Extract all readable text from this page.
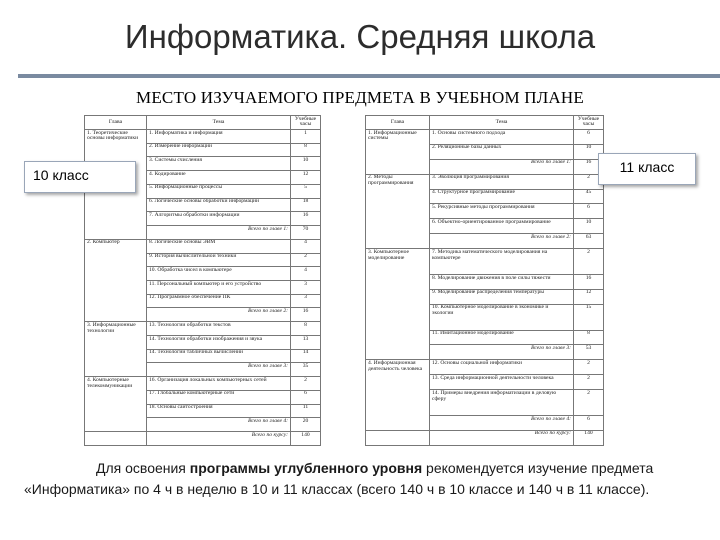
Информатика. Средняя школа
МЕСТО ИЗУЧАЕМОГО ПРЕДМЕТА В УЧЕБНОМ ПЛАНЕ
Глава	Тема	Учебные часы
1. Теоретические основы информатики	1. Информатика и информация	1
	2. Измерение информации	8
	3. Системы счисления	10
	4. Кодирование	12
	5. Информационные процессы	5
	6. Логические основы обработки информации	18
	7. Алгоритмы обработки информации	16
	Всего по главе 1:	70
2. Компьютер	8. Логические основы ЭВМ	4
	9. История вычислительной техники	2
	10. Обработка чисел в компьютере	4
	11. Персональный компьютер и его устройство	3
	12. Программное обеспечение ПК	3
	Всего по главе 2:	16
3. Информационные технологии	13. Технологии обработки текстов	8
	14. Технологии обработки изображения и звука	13
	14. Технологии табличных вычислений	14
	Всего по главе 3:	35
4. Компьютерные телекоммуникации	16. Организация локальных компьютерных сетей	2
	17. Глобальные компьютерные сети	6
	18. Основы сайтостроения	11
	Всего по главе 4:	20
	Всего по курсу:	140
Глава	Тема	Учебные часы
1. Информационные системы	1. Основы системного подхода	6
	2. Реляционные базы данных	10
	Всего по главе 1:	16
2. Методы программирования	3. Эволюция программирования	2
	4. Структурное программирование	45
	5. Рекурсивные методы программирования	6
	6. Объектно-ориентированное программирование	10
	Всего по главе 2:	63
3. Компьютерное моделирование	7. Методика математического моделирования на компьютере	2
	8. Моделирование движения в поле силы тяжести	16
	9. Моделирование распределения температуры	12
	10. Компьютерное моделирование в экономике и экологии	15
	11. Имитационное моделирование	8
	Всего по главе 3:	53
4. Информационная деятельность человека	12. Основы социальной информатики	2
	13. Среда информационной деятельности человека	2
	14. Примеры внедрения информатизации в деловую сферу	2
	Всего по главе 4:	6
	Всего по курсу:	140
10 класс	11 класс
Для освоения программы углубленного уровня рекомендуется изучение предмета «Информатика» по 4 ч в неделю в 10 и 11 классах (всего 140 ч в 10 классе и 140 ч в 11 классе).
